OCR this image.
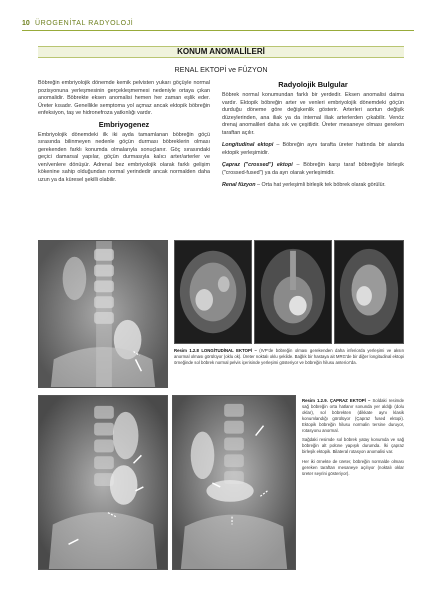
10 ÜROGENİTAL RADYOLOJİ
KONUM ANOMALİLERİ
RENAL EKTOPİ ve FÜZYON

Böbreğin embriyolojik dönemde kemik pelvisten yukarı göçüyle normal pozisyonuna yerleşmesinin gerçekleşmemesi nedeniyle ortaya çıkan anomalidir. Böbrekte eksen anomalisi hemen her zaman eşlik eder. Üreter kısadır. Genellikle semptoma yol açmaz ancak ektopik böbreğin enfeksiyon, taş ve hidronefroza yatkınlığı vardır.

Embriyogenez

Embriyolojik dönemdeki ilk iki ayda tamamlanan böbreğin göçü sırasında bilinmeyen nedenle göçün durması böbreklerin olması gerekenden farklı konumda olmalarıyla sonuçlanır. Göç sırasındaki geçici damarsal yapılar, göçün durmasıyla kalıcı arter/arterler ve ven/venlere dönüşür. Adrenal bez embriyolojik olarak farklı gelişim kökenine sahip olduğundan normal yerindedir ancak normalden daha uzun ya da küresel şekilli olabilir.

Radyolojik Bulgular

Böbrek normal konumundan farklı bir yerdedir. Eksen anomalisi daima vardır. Ektopik böbreğin arter ve venleri embriyolojik dönemdeki göçün durduğu döneme göre değişkenlik gösterir. Arterleri aortun değişik düzeylerinden, ana iliak ya da internal iliak arterlerden çıkabilir. Venöz drenaj anomalileri daha sık ve çeşitlidir. Üreter mesaneye olması gereken taraftan açılır.

Longitudinal ektopi – Böbreğin aynı tarafta üreter hattında bir alanda ektopik yerleşimidir.

Çapraz ("crossed") ektopi – Böbreğin karşı taraf böbreğiyle birleşik ("crossed-fused") ya da ayrı olarak yerleşimidir.

Renal füzyon – Orta hat yerleşimli birleşik tek böbrek olarak görülür.

Resim 1.2.8 LONGİTUDİNAL EKTOPİ – (IVP'de böbreğin olması gerekenden daha inferiorda yerleşimi ve aksın anormal olması görülüyor (oklu ok). Üreter noktalı oklu şekilde. Bağlık bir hastaya ait MRG'de bir diğer longitudinal ektopi örneğinde sol böbrek normal pelvis içerisinde yerleşimi gösteriyor ve böbreğin hilusu anterior'da.
Resim 1.2.9. ÇAPRAZ EKTOPİ – Soldaki resimde sağ böbreğin orta hatlanır sonunda yer aldığı (dolu oklar), sol böbrekten (dikkate aynı klasik konumlandığı görülüyor (Çapraz fused ektopi). Ektopik böbreğin hilusu normalin tersine duruyor, rotasyonu anormal.
Sağdaki resimde sol böbrek yatay konumda ve sağ böbreğin alt polüne yapışık durumda. İki çapraz birleşik ektopik. Bilateral rotasyon anomalisi var.
Her iki örnekte de üreter, böbreğin normalde olması gereken taraftan mesaneye açılıyor (noktalı oklar üreter seyrini gösteriyor).
